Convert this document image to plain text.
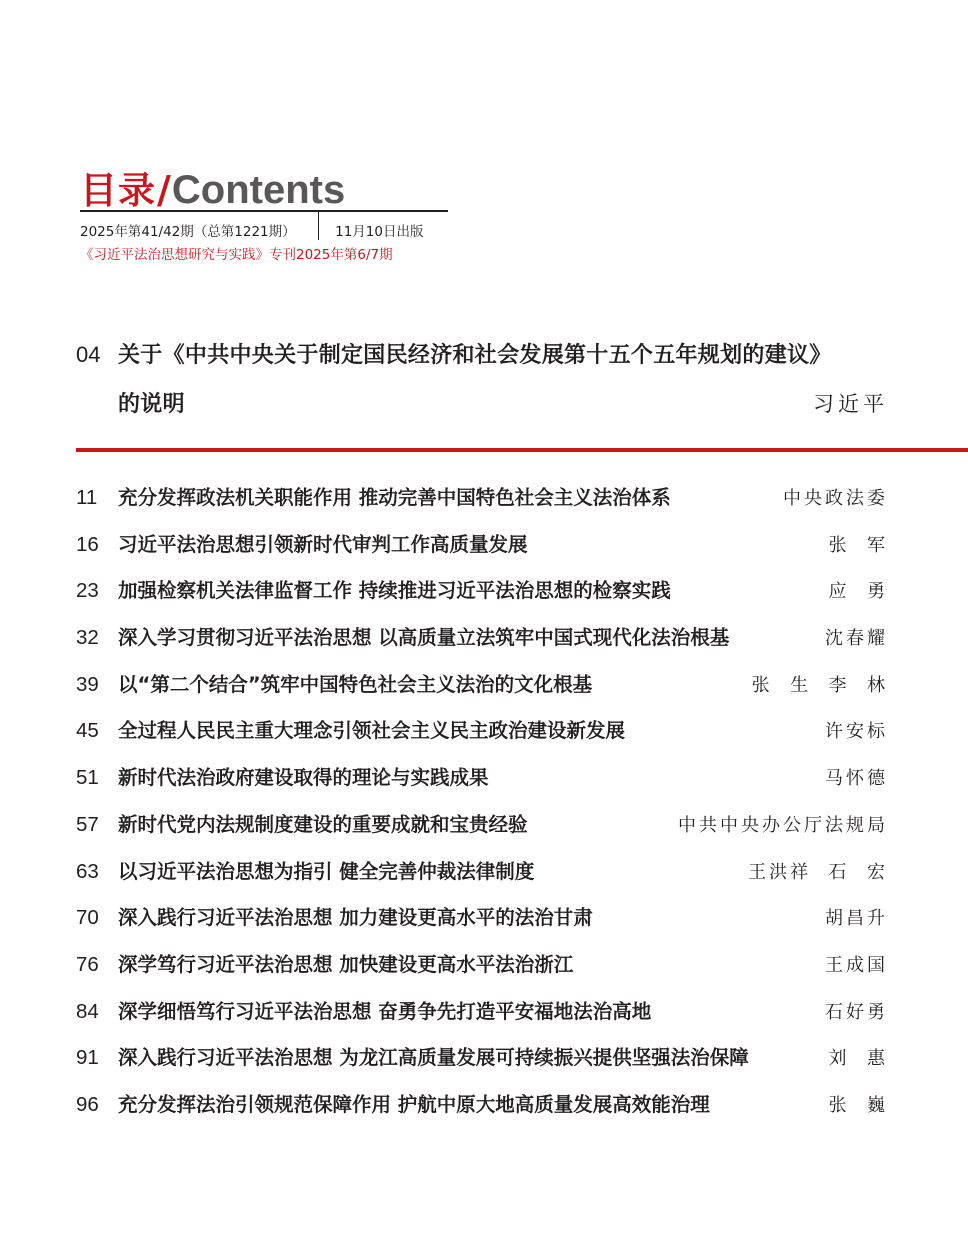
目录 / Contents
2025年第41/42期（总第1221期）	11月10日出版
《习近平法治思想研究与实践》专刊2025年第6/7期
04 关于《中共中央关于制定国民经济和社会发展第十五个五年规划的建议》
的说明	习近平
11	充分发挥政法机关职能作用 推动完善中国特色社会主义法治体系	中央政法委
16 习近平法治思想引领新时代审判工作高质量发展	张  军
23 加强检察机关法律监督工作 持续推进习近平法治思想的检察实践	应  勇
32 深入学习贯彻习近平法治思想 以高质量立法筑牢中国式现代化法治根基	沈春耀
39 以“第二个结合”筑牢中国特色社会主义法治的文化根基	张  生  李  林
45 全过程人民民主重大理念引领社会主义民主政治建设新发展	许安标
51 新时代法治政府建设取得的理论与实践成果	马怀德
57 新时代党内法规制度建设的重要成就和宝贵经验	中共中央办公厅法规局
63 以习近平法治思想为指引 健全完善仲裁法律制度	王洪祥  石  宏
70 深入践行习近平法治思想 加力建设更高水平的法治甘肃	胡昌升
76 深学笃行习近平法治思想 加快建设更高水平法治浙江	王成国
84 深学细悟笃行习近平法治思想 奋勇争先打造平安福地法治高地	石好勇
91 深入践行习近平法治思想 为龙江高质量发展可持续振兴提供坚强法治保障	刘  惠
96 充分发挥法治引领规范保障作用 护航中原大地高质量发展高效能治理	张  巍
